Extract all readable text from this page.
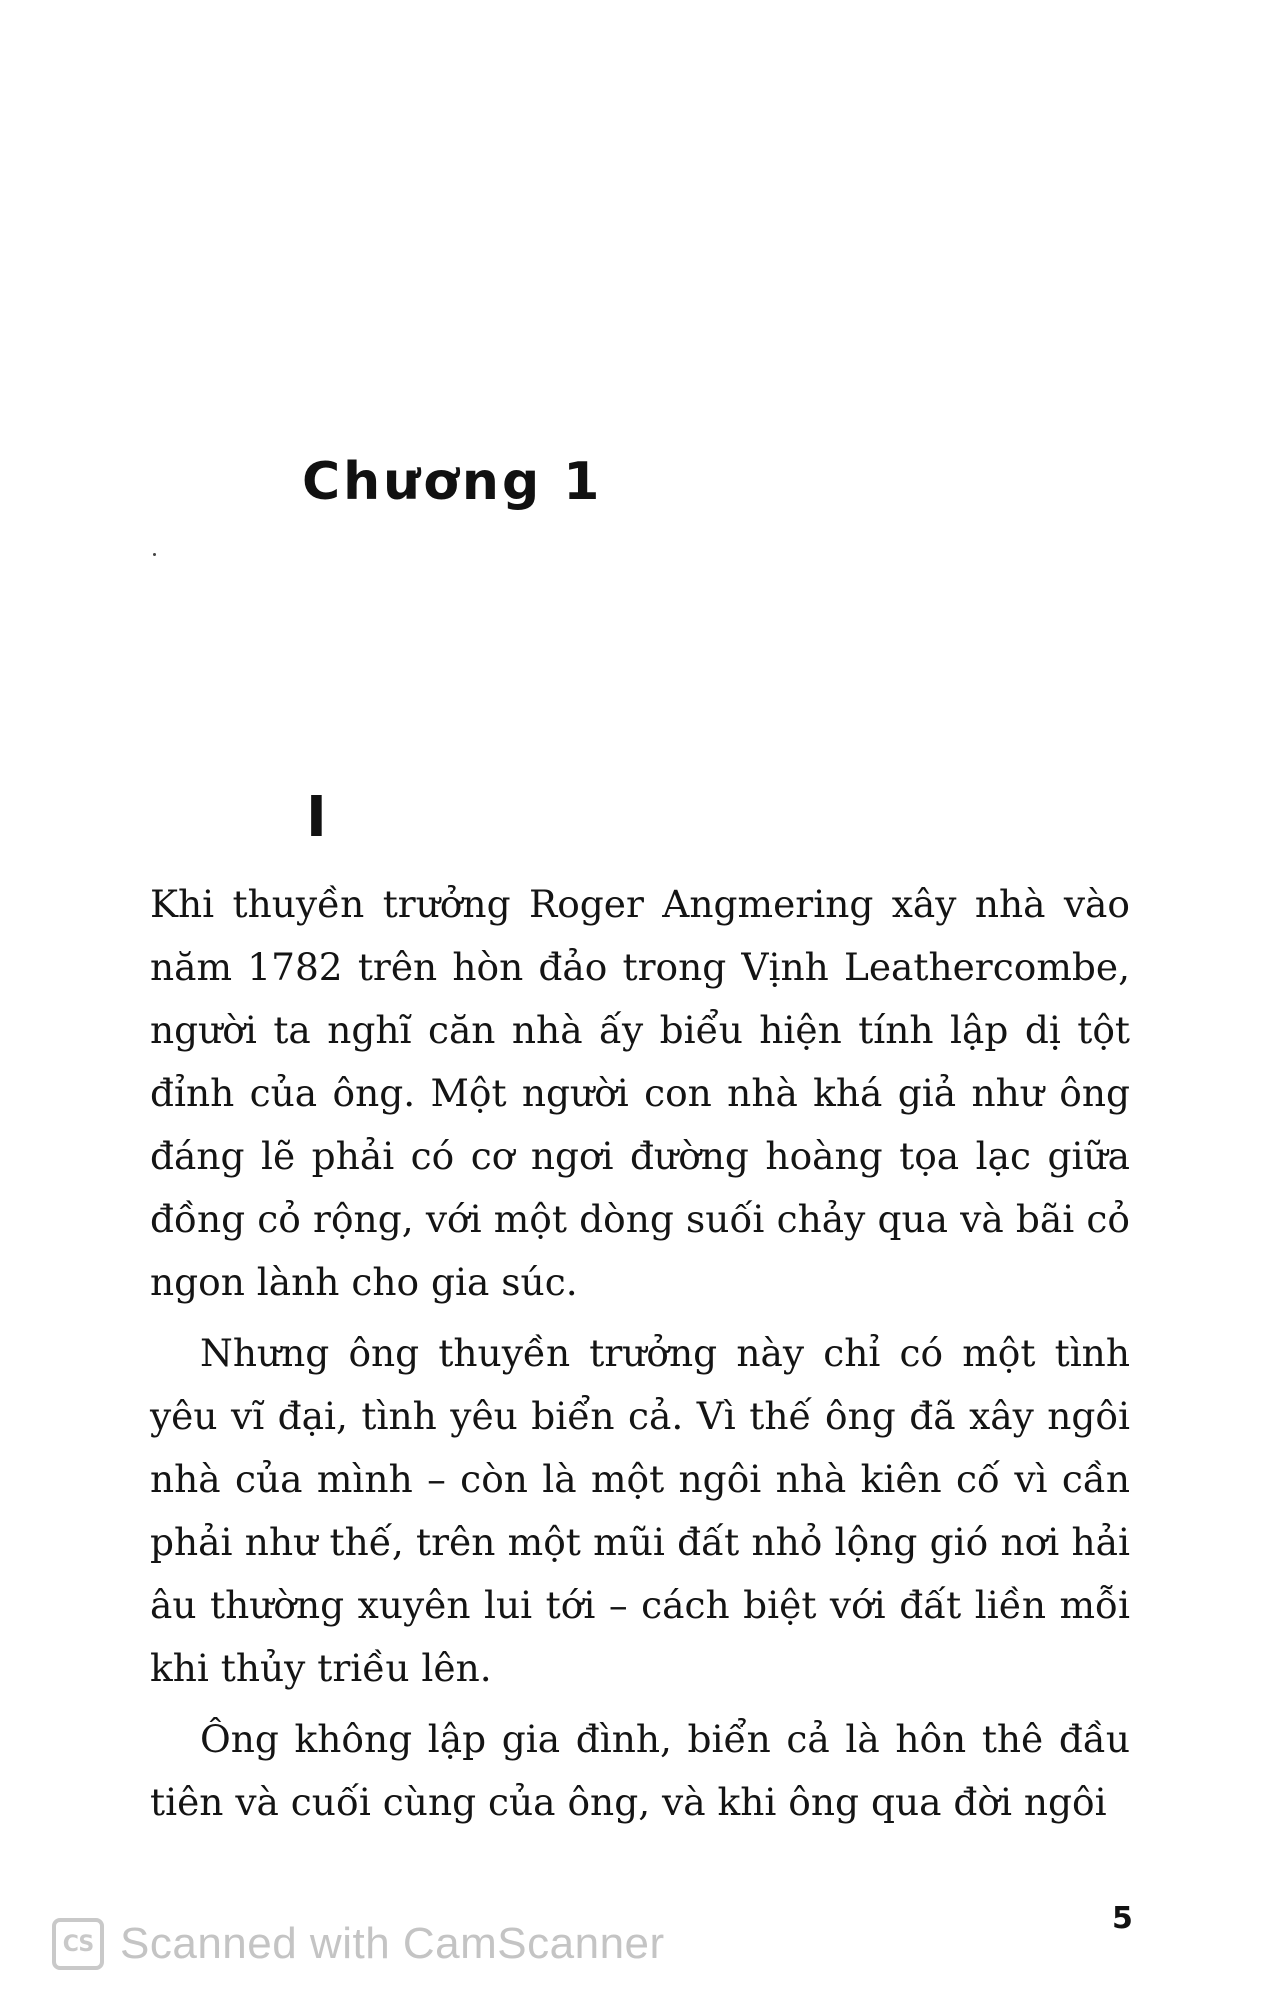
Chương 1
I

Khi thuyền trưởng Roger Angmering xây nhà vào năm 1782 trên hòn đảo trong Vịnh Leathercombe, người ta nghĩ căn nhà ấy biểu hiện tính lập dị tột đỉnh của ông. Một người con nhà khá giả như ông đáng lẽ phải có cơ ngơi đường hoàng tọa lạc giữa đồng cỏ rộng, với một dòng suối chảy qua và bãi cỏ ngon lành cho gia súc.

Nhưng ông thuyền trưởng này chỉ có một tình yêu vĩ đại, tình yêu biển cả. Vì thế ông đã xây ngôi nhà của mình – còn là một ngôi nhà kiên cố vì cần phải như thế, trên một mũi đất nhỏ lộng gió nơi hải âu thường xuyên lui tới – cách biệt với đất liền mỗi khi thủy triều lên.

Ông không lập gia đình, biển cả là hôn thê đầu tiên và cuối cùng của ông, và khi ông qua đời ngôi

5
CS Scanned with CamScanner
